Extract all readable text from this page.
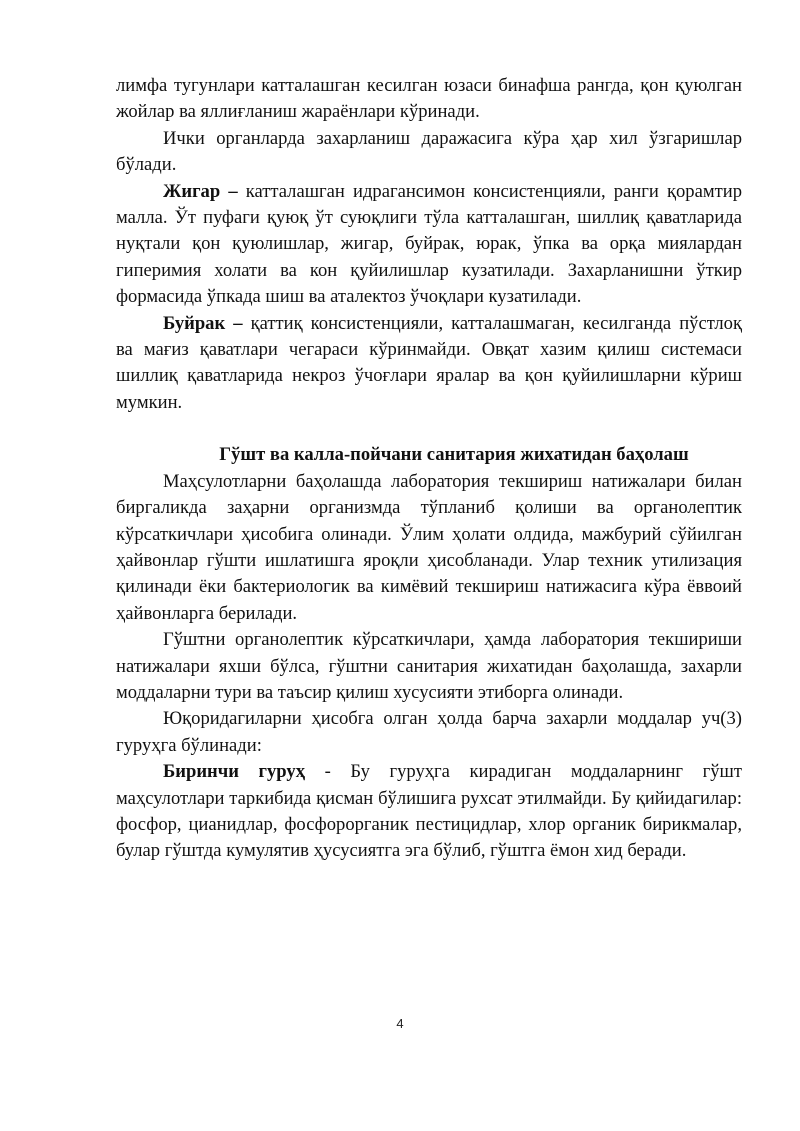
лимфа тугунлари катталашган кесилган юзаси бинафша рангда, қон қуюлган жойлар ва яллиғланиш жараёнлари кўринади.

Ички органларда захарланиш даражасига кўра ҳар хил ўзгаришлар бўлади.

Жигар – катталашган идрагансимон консистенцияли, ранги қорамтир малла. Ўт пуфаги қуюқ ўт суюқлиги тўла катталашган, шиллиқ қаватларида нуқтали қон қуюлишлар, жигар, буйрак, юрак, ўпка ва орқа миялардан гиперимия холати ва кон қуйилишлар кузатилади. Захарланишни ўткир формасида ўпкада шиш ва аталектоз ўчоқлари кузатилади.

Буйрак – қаттиқ консистенцияли, катталашмаган, кесилганда пўстлоқ ва мағиз қаватлари чегараси кўринмайди. Овқат хазим қилиш системаси шиллиқ қаватларида некроз ўчоғлари яралар ва қон қуйилишларни кўриш мумкин.

Гўшт ва калла-пойчани санитария жихатидан баҳолаш

Маҳсулотларни баҳолашда лаборатория текшириш натижалари билан биргаликда заҳарни организмда тўпланиб қолиши ва органолептик кўрсаткичлари ҳисобига олинади. Ўлим ҳолати олдида, мажбурий сўйилган ҳайвонлар гўшти ишлатишга яроқли ҳисобланади. Улар техник утилизация қилинади ёки бактериологик ва кимёвий текшириш натижасига кўра ёввоий ҳайвонларга берилади.

Гўштни органолептик кўрсаткичлари, ҳамда лаборатория текшириши натижалари яхши бўлса, гўштни санитария жихатидан баҳолашда, захарли моддаларни тури ва таъсир қилиш хусусияти этиборга олинади.

Юқоридагиларни ҳисобга олган ҳолда барча захарли моддалар уч(3) гуруҳга бўлинади:

Биринчи гуруҳ - Бу гуруҳга кирадиган моддаларнинг гўшт маҳсулотлари таркибида қисман бўлишига рухсат этилмайди. Бу қийидагилар: фосфор, цианидлар, фосфорорганик пестицидлар, хлор органик бирикмалар, булар гўштда кумулятив ҳусусиятга эга бўлиб, гўштга ёмон хид беради.

4
